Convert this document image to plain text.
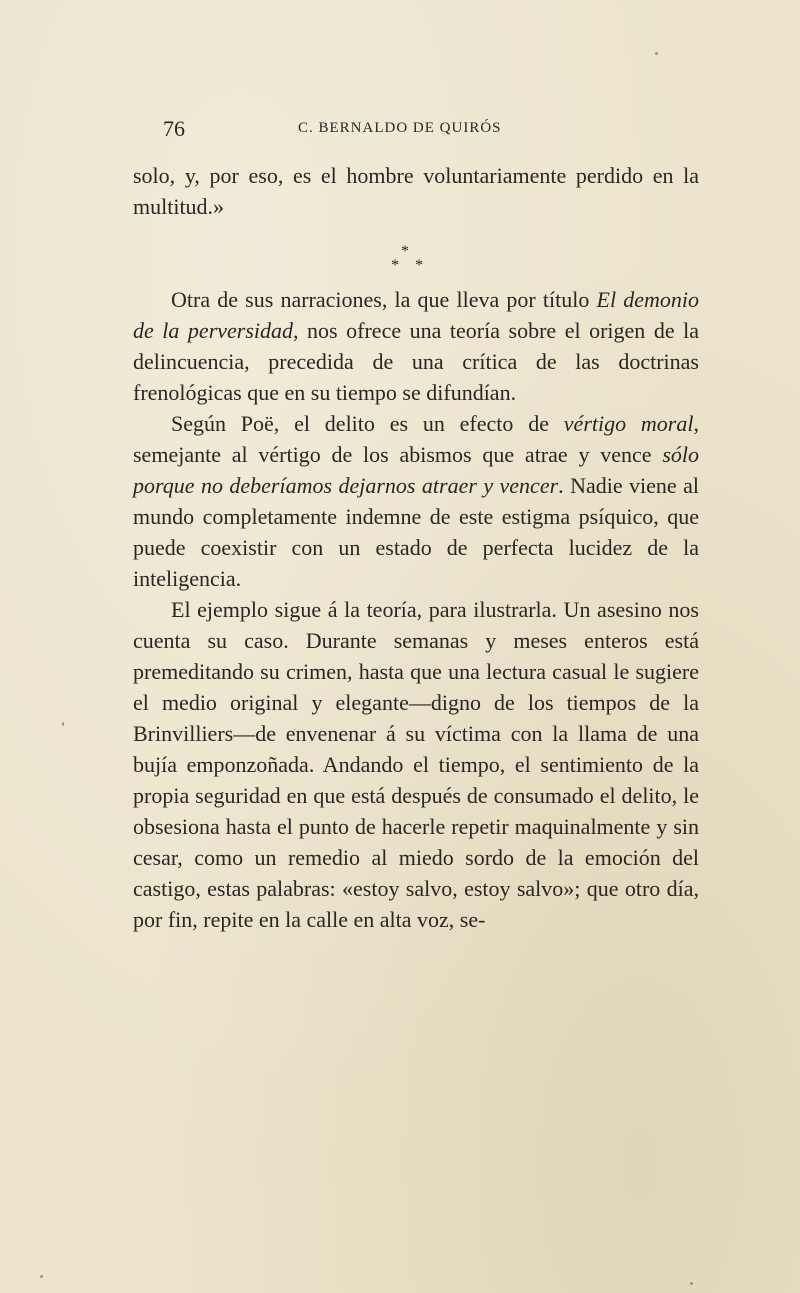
76	C. BERNALDO DE QUIRÓS

solo, y, por eso, es el hombre voluntariamente perdido en la multitud.»

*
* *

Otra de sus narraciones, la que lleva por título El demonio de la perversidad, nos ofrece una teoría sobre el origen de la delincuencia, precedida de una crítica de las doctrinas frenológicas que en su tiempo se difundían.

Según Poë, el delito es un efecto de vértigo moral, semejante al vértigo de los abismos que atrae y vence sólo porque no deberíamos dejarnos atraer y vencer. Nadie viene al mundo completamente indemne de este estigma psíquico, que puede coexistir con un estado de perfecta lucidez de la inteligencia.

El ejemplo sigue á la teoría, para ilustrarla. Un asesino nos cuenta su caso. Durante semanas y meses enteros está premeditando su crimen, hasta que una lectura casual le sugiere el medio original y elegante—digno de los tiempos de la Brinvilliers—de envenenar á su víctima con la llama de una bujía emponzoñada. Andando el tiempo, el sentimiento de la propia seguridad en que está después de consumado el delito, le obsesiona hasta el punto de hacerle repetir maquinalmente y sin cesar, como un remedio al miedo sordo de la emoción del castigo, estas palabras: «estoy salvo, estoy salvo»; que otro día, por fin, repite en la calle en alta voz, se-
